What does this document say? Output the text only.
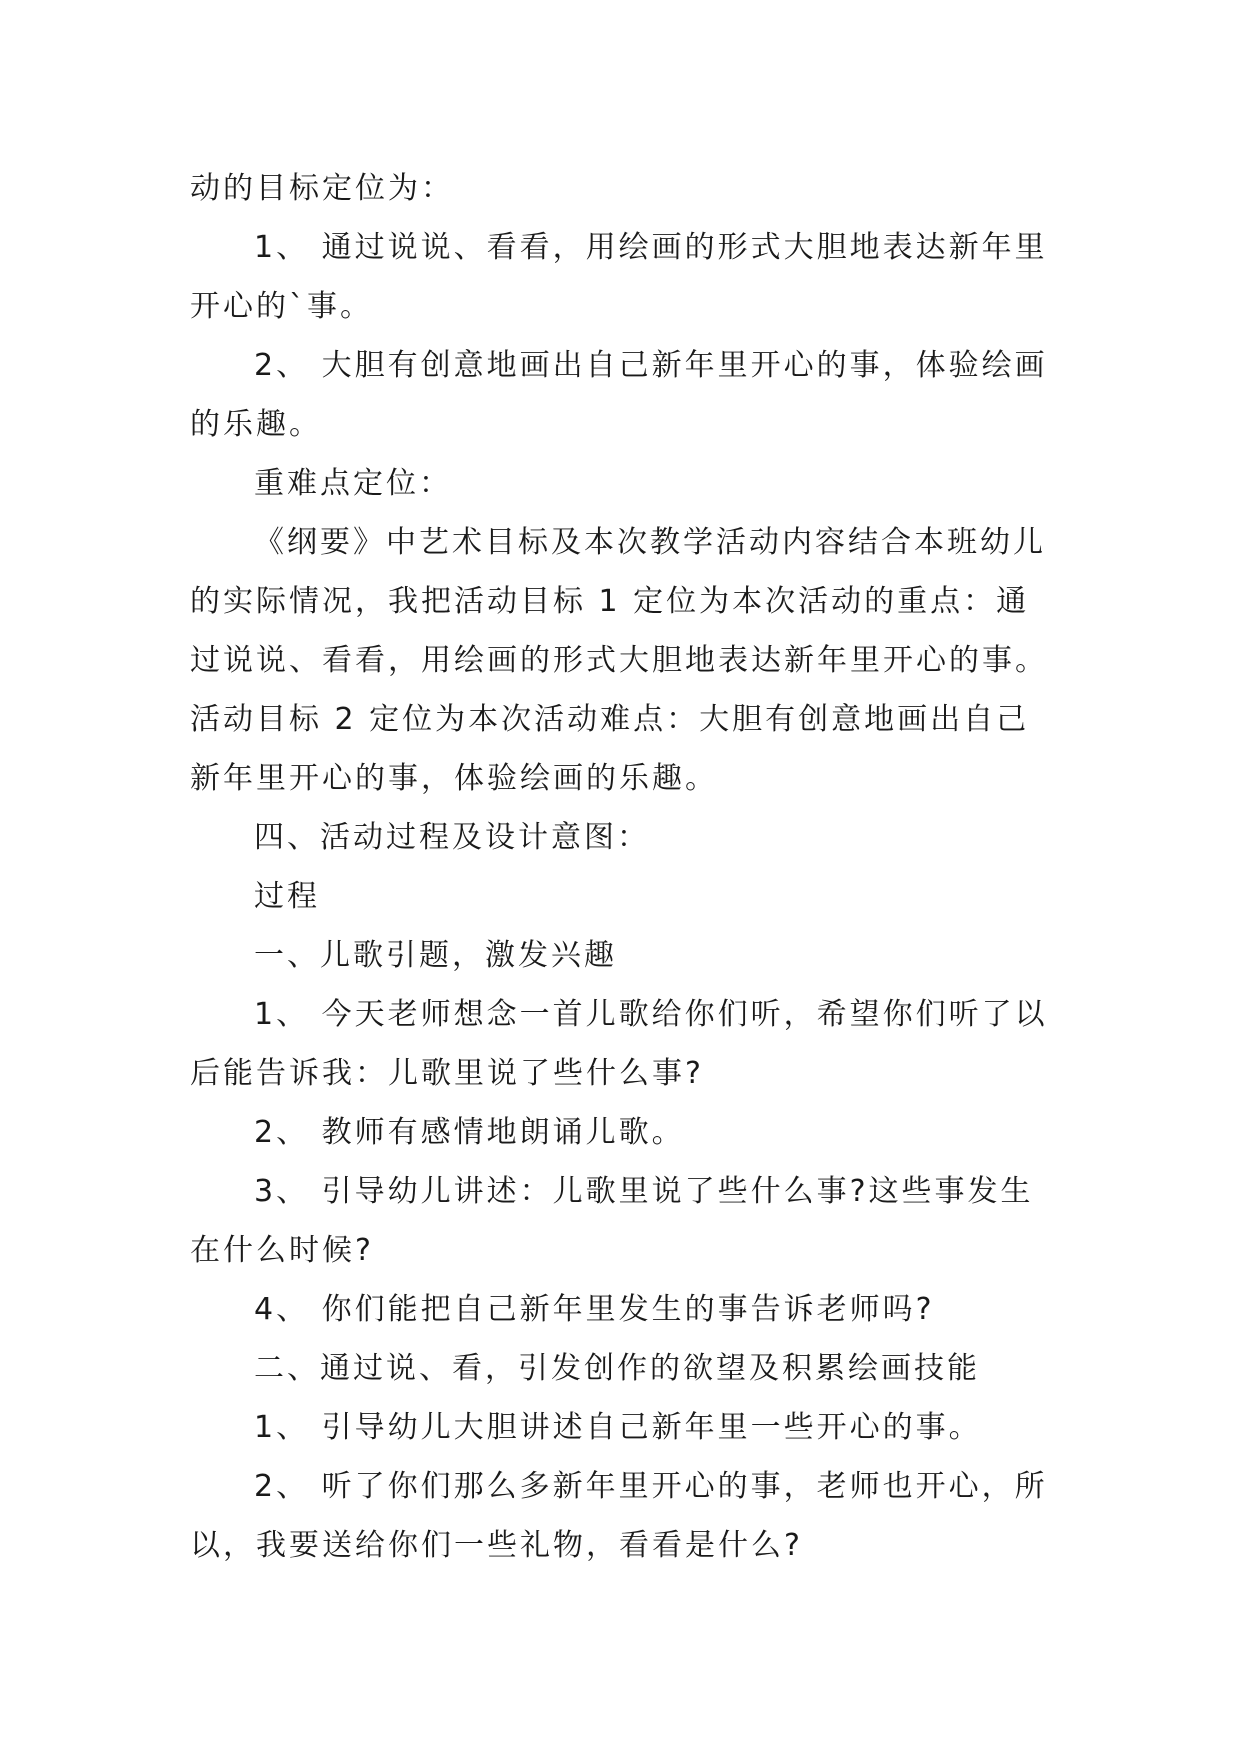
动的目标定位为：

1、 通过说说、看看，用绘画的形式大胆地表达新年里开心的`事。

2、 大胆有创意地画出自己新年里开心的事，体验绘画的乐趣。

重难点定位：

《纲要》中艺术目标及本次教学活动内容结合本班幼儿的实际情况，我把活动目标 1 定位为本次活动的重点：通过说说、看看，用绘画的形式大胆地表达新年里开心的事。活动目标 2 定位为本次活动难点：大胆有创意地画出自己新年里开心的事，体验绘画的乐趣。

四、活动过程及设计意图：

过程

一、儿歌引题，激发兴趣

1、 今天老师想念一首儿歌给你们听，希望你们听了以后能告诉我：儿歌里说了些什么事?

2、 教师有感情地朗诵儿歌。

3、 引导幼儿讲述：儿歌里说了些什么事?这些事发生在什么时候?

4、 你们能把自己新年里发生的事告诉老师吗?

二、通过说、看，引发创作的欲望及积累绘画技能

1、 引导幼儿大胆讲述自己新年里一些开心的事。

2、 听了你们那么多新年里开心的事，老师也开心，所以，我要送给你们一些礼物，看看是什么?
